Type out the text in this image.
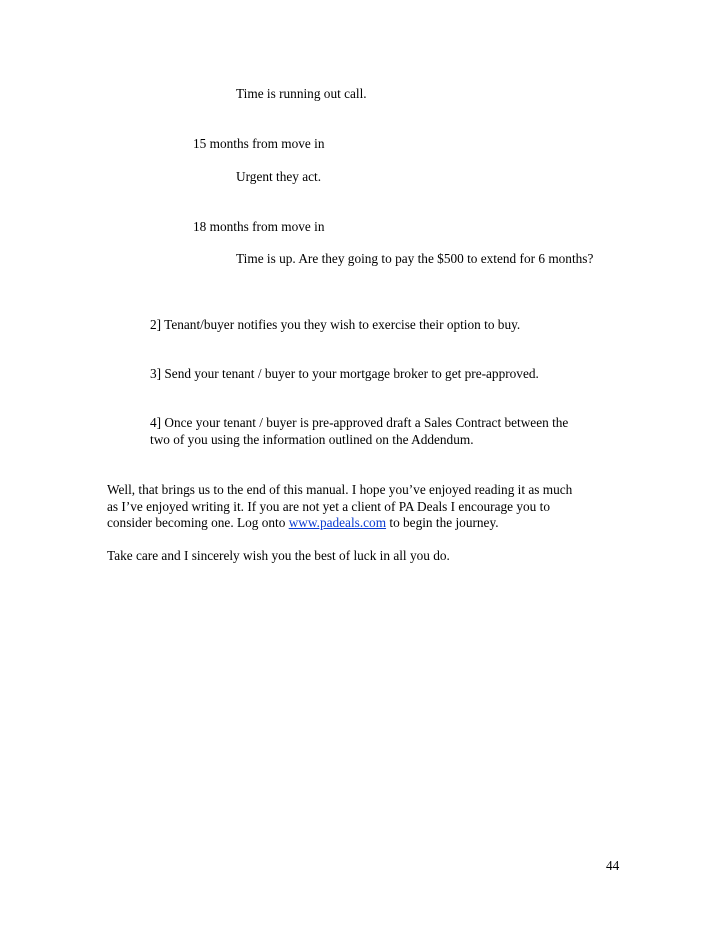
Time is running out call.
15 months from move in
Urgent they act.
18 months from move in
Time is up. Are they going to pay the $500 to extend for 6 months?
2] Tenant/buyer notifies you they wish to exercise their option to buy.
3] Send your tenant / buyer to your mortgage broker to get pre-approved.
4] Once your tenant / buyer is pre-approved draft a Sales Contract between the
two of you using the information outlined on the Addendum.
Well, that brings us to the end of this manual. I hope you’ve enjoyed reading it as much
as I’ve enjoyed writing it. If you are not yet a client of PA Deals I encourage you to
consider becoming one. Log onto www.padeals.com to begin the journey.
Take care and I sincerely wish you the best of luck in all you do.
44
